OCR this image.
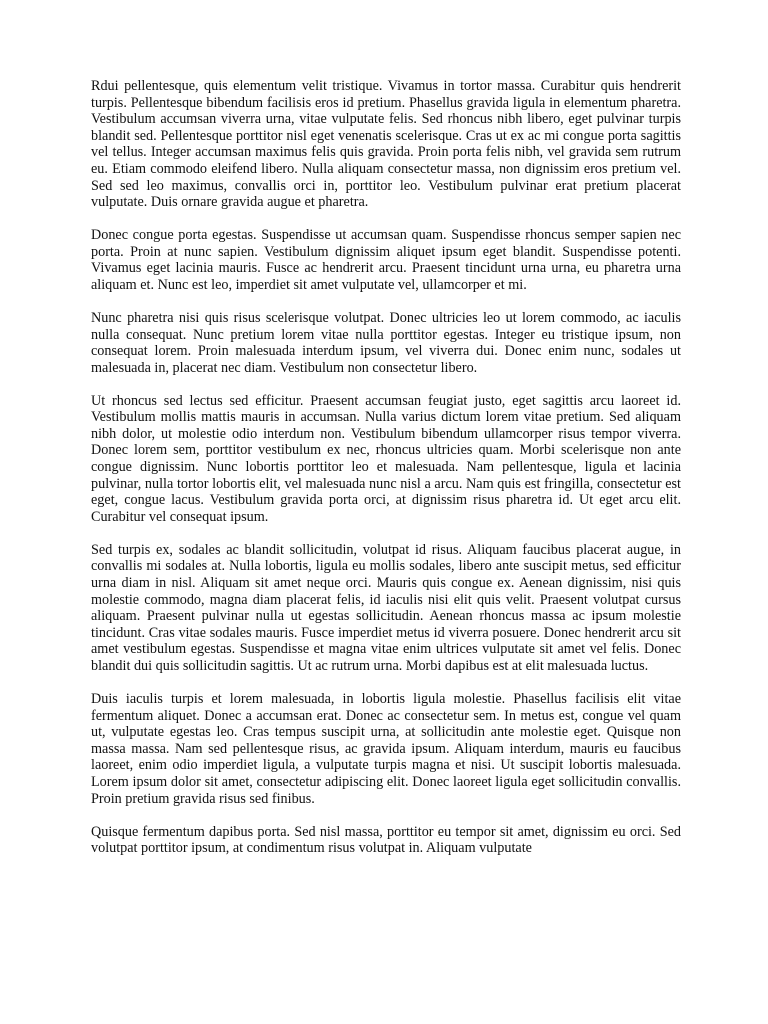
Rdui pellentesque, quis elementum velit tristique. Vivamus in tortor massa. Curabitur quis hendrerit turpis. Pellentesque bibendum facilisis eros id pretium. Phasellus gravida ligula in elementum pharetra. Vestibulum accumsan viverra urna, vitae vulputate felis. Sed rhoncus nibh libero, eget pulvinar turpis blandit sed. Pellentesque porttitor nisl eget venenatis scelerisque. Cras ut ex ac mi congue porta sagittis vel tellus. Integer accumsan maximus felis quis gravida. Proin porta felis nibh, vel gravida sem rutrum eu. Etiam commodo eleifend libero. Nulla aliquam consectetur massa, non dignissim eros pretium vel. Sed sed leo maximus, convallis orci in, porttitor leo. Vestibulum pulvinar erat pretium placerat vulputate. Duis ornare gravida augue et pharetra.

Donec congue porta egestas. Suspendisse ut accumsan quam. Suspendisse rhoncus semper sapien nec porta. Proin at nunc sapien. Vestibulum dignissim aliquet ipsum eget blandit. Suspendisse potenti. Vivamus eget lacinia mauris. Fusce ac hendrerit arcu. Praesent tincidunt urna urna, eu pharetra urna aliquam et. Nunc est leo, imperdiet sit amet vulputate vel, ullamcorper et mi.

Nunc pharetra nisi quis risus scelerisque volutpat. Donec ultricies leo ut lorem commodo, ac iaculis nulla consequat. Nunc pretium lorem vitae nulla porttitor egestas. Integer eu tristique ipsum, non consequat lorem. Proin malesuada interdum ipsum, vel viverra dui. Donec enim nunc, sodales ut malesuada in, placerat nec diam. Vestibulum non consectetur libero.

Ut rhoncus sed lectus sed efficitur. Praesent accumsan feugiat justo, eget sagittis arcu laoreet id. Vestibulum mollis mattis mauris in accumsan. Nulla varius dictum lorem vitae pretium. Sed aliquam nibh dolor, ut molestie odio interdum non. Vestibulum bibendum ullamcorper risus tempor viverra. Donec lorem sem, porttitor vestibulum ex nec, rhoncus ultricies quam. Morbi scelerisque non ante congue dignissim. Nunc lobortis porttitor leo et malesuada. Nam pellentesque, ligula et lacinia pulvinar, nulla tortor lobortis elit, vel malesuada nunc nisl a arcu. Nam quis est fringilla, consectetur est eget, congue lacus. Vestibulum gravida porta orci, at dignissim risus pharetra id. Ut eget arcu elit. Curabitur vel consequat ipsum.

Sed turpis ex, sodales ac blandit sollicitudin, volutpat id risus. Aliquam faucibus placerat augue, in convallis mi sodales at. Nulla lobortis, ligula eu mollis sodales, libero ante suscipit metus, sed efficitur urna diam in nisl. Aliquam sit amet neque orci. Mauris quis congue ex. Aenean dignissim, nisi quis molestie commodo, magna diam placerat felis, id iaculis nisi elit quis velit. Praesent volutpat cursus aliquam. Praesent pulvinar nulla ut egestas sollicitudin. Aenean rhoncus massa ac ipsum molestie tincidunt. Cras vitae sodales mauris. Fusce imperdiet metus id viverra posuere. Donec hendrerit arcu sit amet vestibulum egestas. Suspendisse et magna vitae enim ultrices vulputate sit amet vel felis. Donec blandit dui quis sollicitudin sagittis. Ut ac rutrum urna. Morbi dapibus est at elit malesuada luctus.

Duis iaculis turpis et lorem malesuada, in lobortis ligula molestie. Phasellus facilisis elit vitae fermentum aliquet. Donec a accumsan erat. Donec ac consectetur sem. In metus est, congue vel quam ut, vulputate egestas leo. Cras tempus suscipit urna, at sollicitudin ante molestie eget. Quisque non massa massa. Nam sed pellentesque risus, ac gravida ipsum. Aliquam interdum, mauris eu faucibus laoreet, enim odio imperdiet ligula, a vulputate turpis magna et nisi. Ut suscipit lobortis malesuada. Lorem ipsum dolor sit amet, consectetur adipiscing elit. Donec laoreet ligula eget sollicitudin convallis. Proin pretium gravida risus sed finibus.

Quisque fermentum dapibus porta. Sed nisl massa, porttitor eu tempor sit amet, dignissim eu orci. Sed volutpat porttitor ipsum, at condimentum risus volutpat in. Aliquam vulputate
